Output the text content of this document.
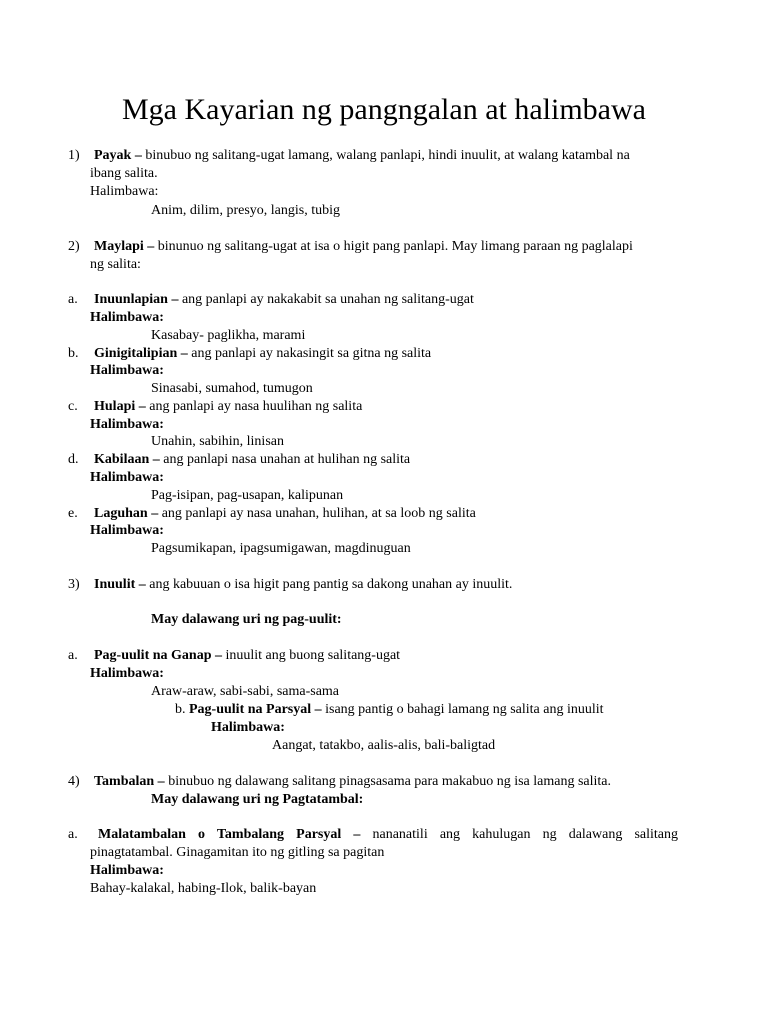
Mga Kayarian ng pangngalan at halimbawa
1) Payak – binubuo ng salitang-ugat lamang, walang panlapi, hindi inuulit, at walang katambal na
ibang salita.
Halimbawa:
Anim, dilim, presyo, langis, tubig
2) Maylapi – binunuo ng salitang-ugat at isa o higit pang panlapi. May limang paraan ng paglalapi
ng salita:
a. Inuunlapian – ang panlapi ay nakakabit sa unahan ng salitang-ugat
Halimbawa:
Kasabay- paglikha, marami
b. Ginigitalipian – ang panlapi ay nakasingit sa gitna ng salita
Halimbawa:
Sinasabi, sumahod, tumugon
c. Hulapi – ang panlapi ay nasa huulihan ng salita
Halimbawa:
Unahin, sabihin, linisan
d. Kabilaan – ang panlapi nasa unahan at hulihan ng salita
Halimbawa:
Pag-isipan, pag-usapan, kalipunan
e. Laguhan – ang panlapi ay nasa unahan, hulihan, at sa loob ng salita
Halimbawa:
Pagsumikapan, ipagsumigawan, magdinuguan
3) Inuulit – ang kabuuan o isa higit pang pantig sa dakong unahan ay inuulit.
May dalawang uri ng pag-uulit:
a. Pag-uulit na Ganap – inuulit ang buong salitang-ugat
Halimbawa:
Araw-araw, sabi-sabi, sama-sama
b. Pag-uulit na Parsyal – isang pantig o bahagi lamang ng salita ang inuulit
Halimbawa:
Aangat, tatakbo, aalis-alis, bali-baligtad
4) Tambalan – binubuo ng dalawang salitang pinagsasama para makabuo ng isa lamang salita.
May dalawang uri ng Pagtatambal:
a. Malatambalan o Tambalang Parsyal – nananatili ang kahulugan ng dalawang salitang
pinagtatambal. Ginagamitan ito ng gitling sa pagitan
Halimbawa:
Bahay-kalakal, habing-Ilok, balik-bayan
